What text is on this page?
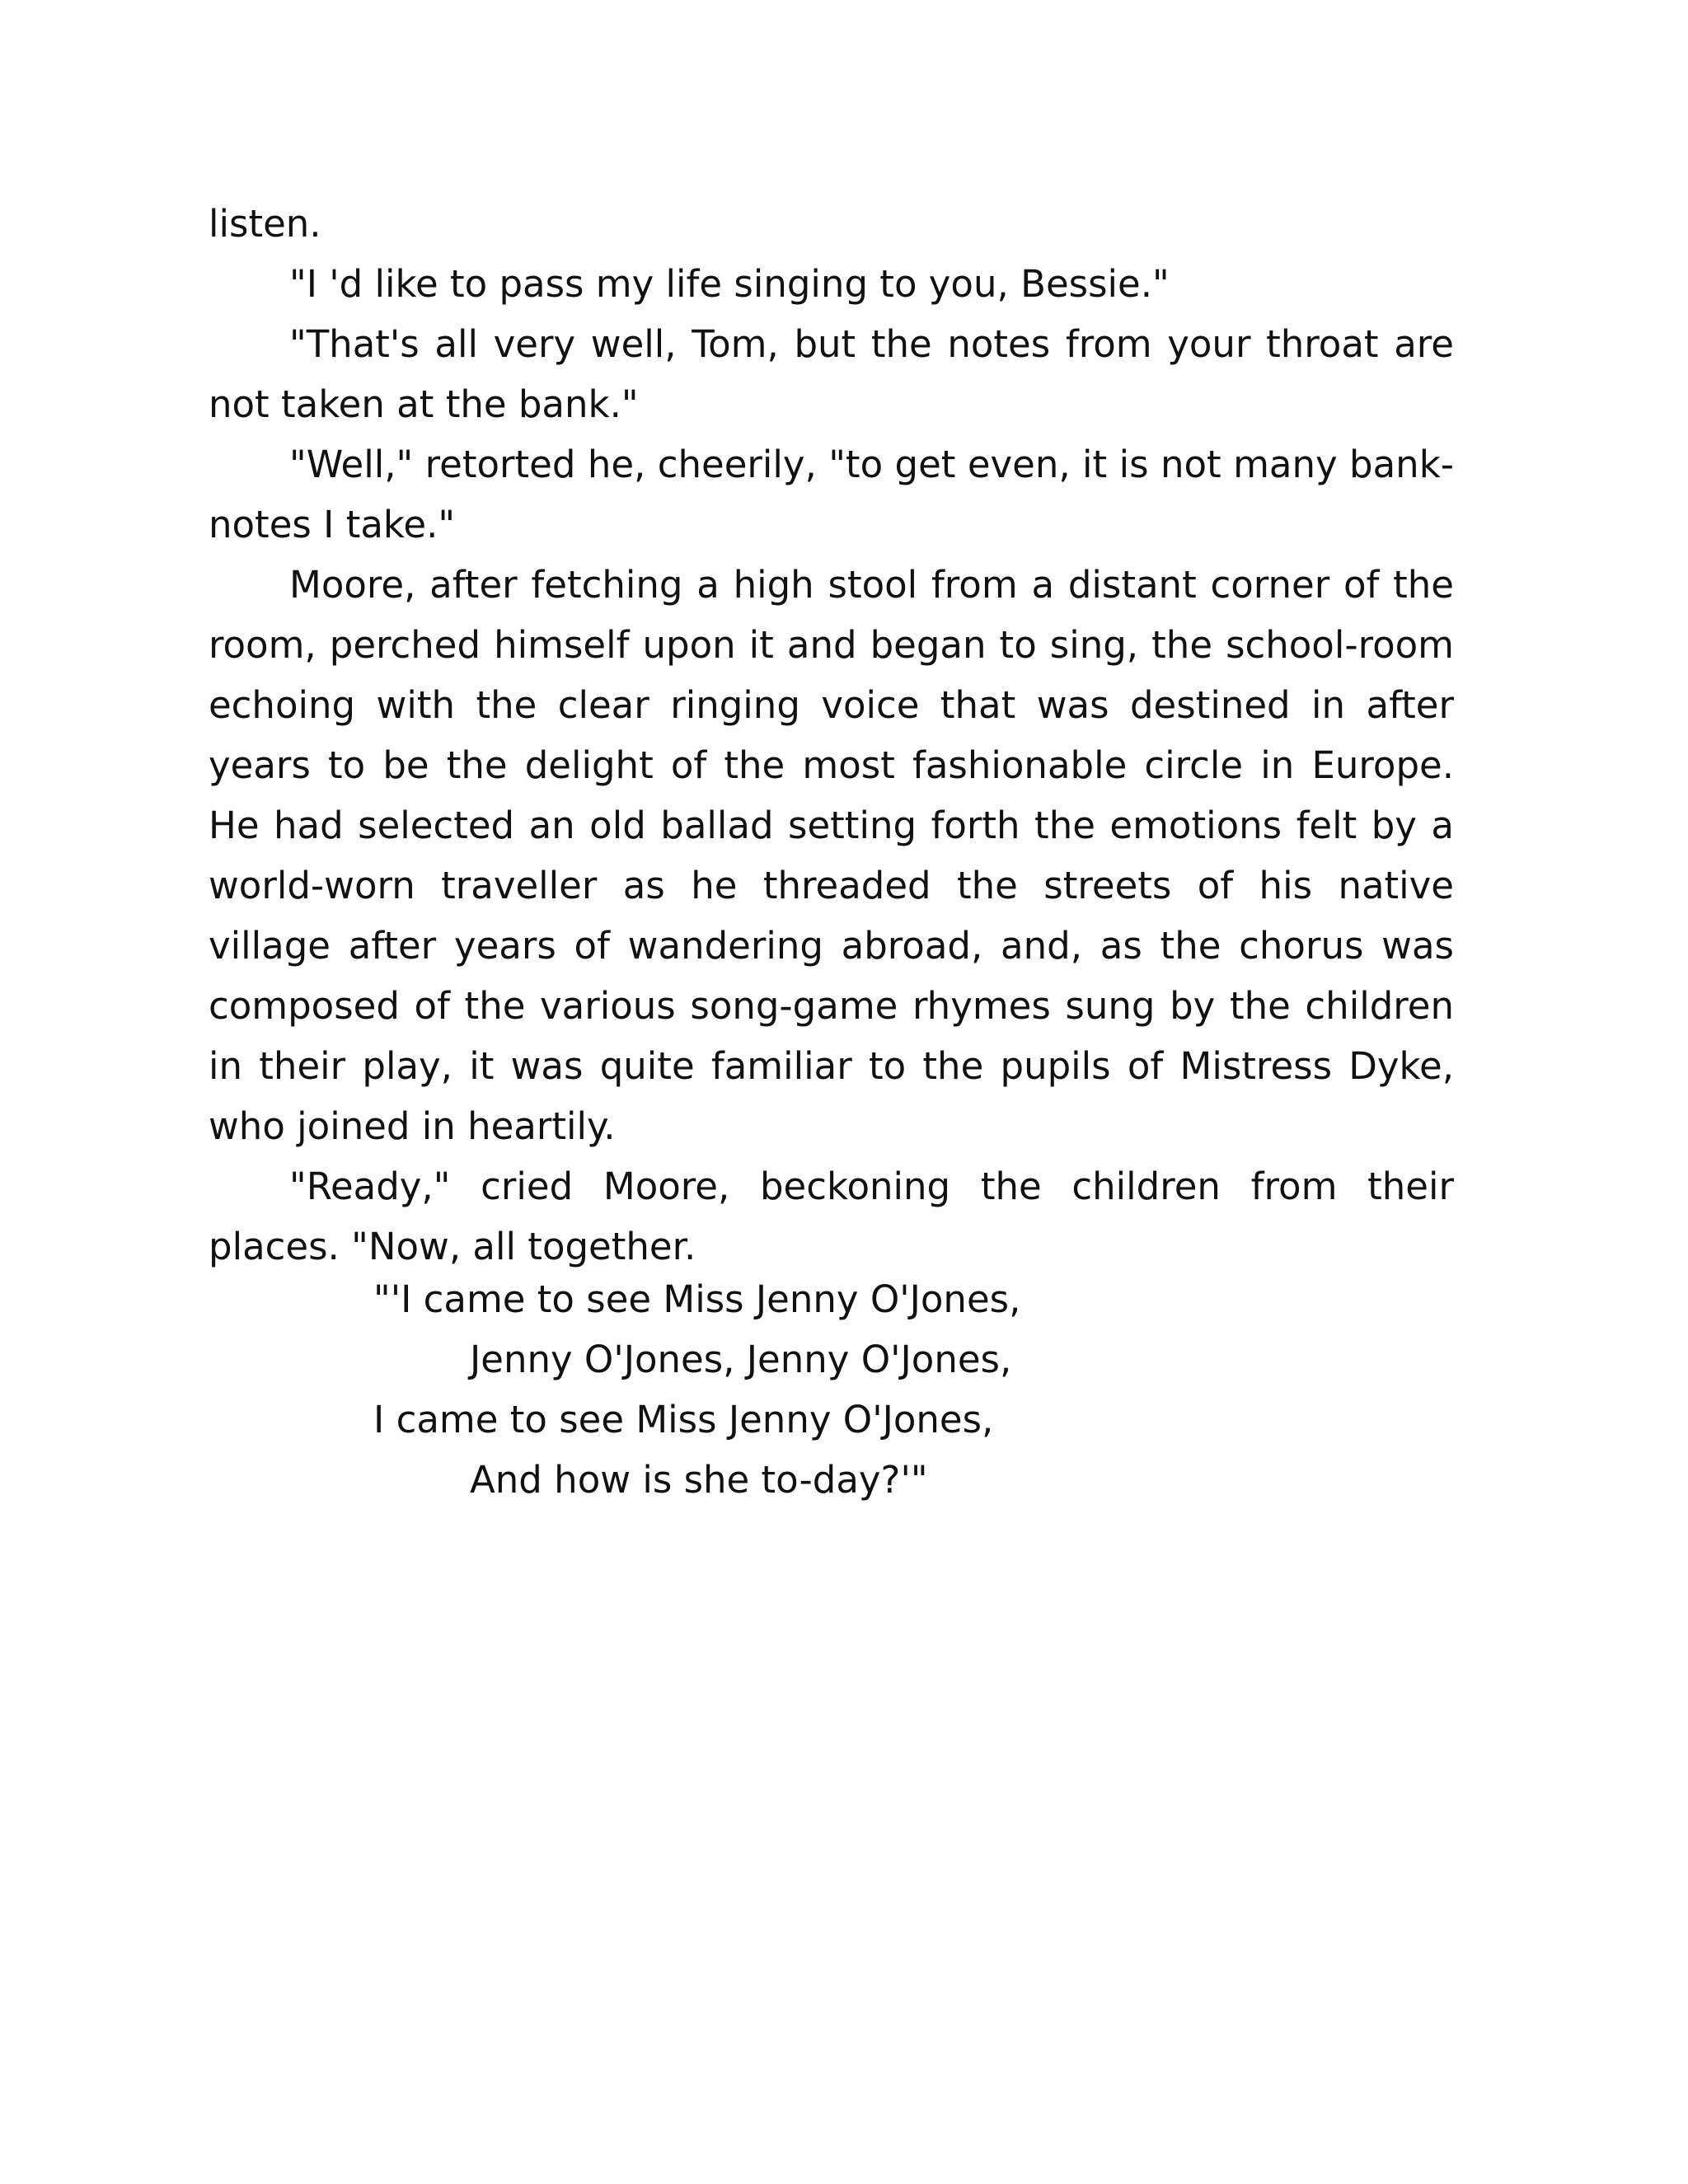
listen.

"I 'd like to pass my life singing to you, Bessie."

"That's all very well, Tom, but the notes from your throat are not taken at the bank."

"Well," retorted he, cheerily, "to get even, it is not many bank-notes I take."

Moore, after fetching a high stool from a distant corner of the room, perched himself upon it and began to sing, the school-room echoing with the clear ringing voice that was destined in after years to be the delight of the most fashionable circle in Europe. He had selected an old ballad setting forth the emotions felt by a world-worn traveller as he threaded the streets of his native village after years of wandering abroad, and, as the chorus was composed of the various song-game rhymes sung by the children in their play, it was quite familiar to the pupils of Mistress Dyke, who joined in heartily.

"Ready," cried Moore, beckoning the children from their places. "Now, all together.

"'I came to see Miss Jenny O'Jones,
Jenny O'Jones, Jenny O'Jones,
I came to see Miss Jenny O'Jones,
And how is she to-day?'"
